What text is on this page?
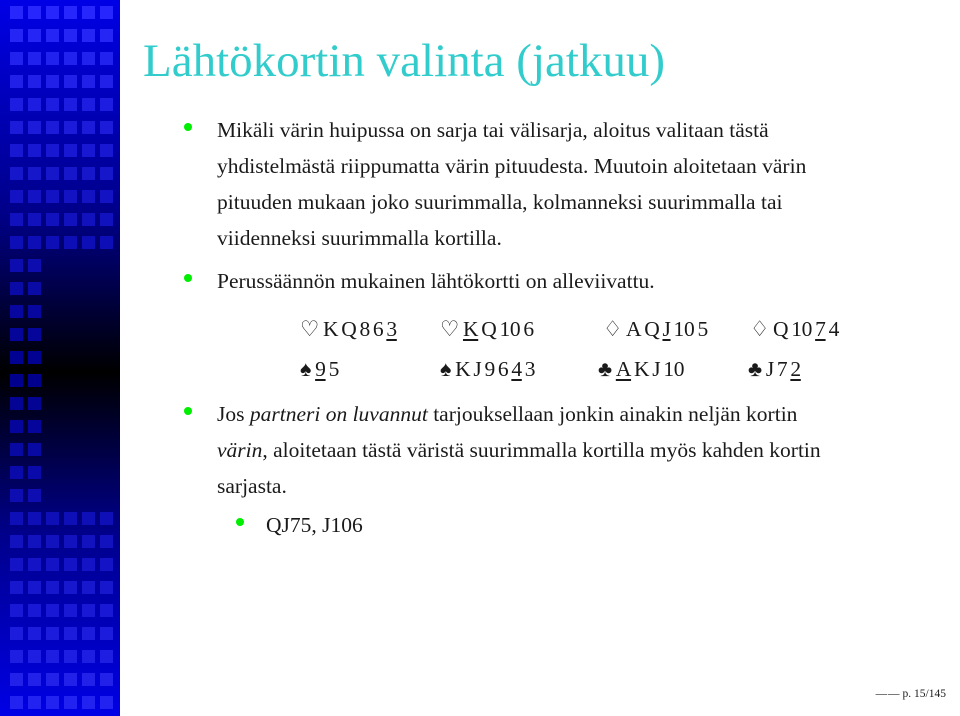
Lähtökortin valinta (jatkuu)
Mikäli värin huipussa on sarja tai välisarja, aloitus valitaan tästä
yhdistelmästä riippumatta värin pituudesta. Muutoin aloitetaan värin
pituuden mukaan joko suurimmalla, kolmanneksi suurimmalla tai
viidenneksi suurimmalla kortilla.
Perussäännön mukainen lähtökortti on alleviivattu.
♡ K Q 8 6 3 ♡ K Q 10 6	♢ A Q J 10 5 ♢ Q 10 7 4
♠ 9 5	♠ K J 9 6 4 3	♣ A K J 10	♣ J 7 2
Jos partneri on luvannut tarjouksellaan jonkin ainakin neljän kortin
värin, aloitetaan tästä väristä suurimmalla kortilla myös kahden kortin
sarjasta.
QJ75, J106
— — p. 15/145
